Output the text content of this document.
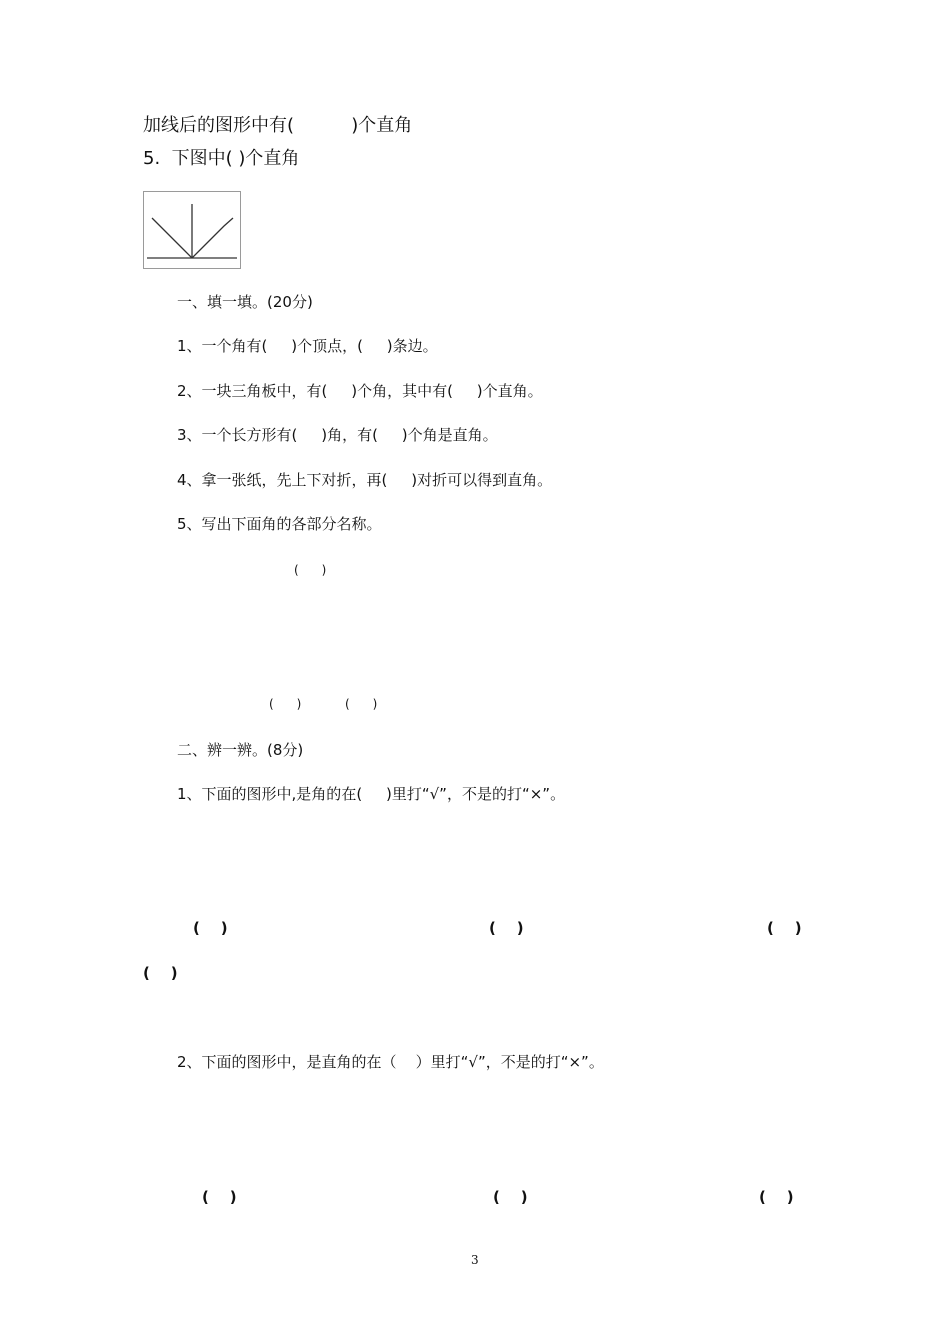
加线后的图形中有(          )个直角
5.  下图中( )个直角
一、填一填。(20分)
1、一个角有(     )个顶点，(     )条边。
2、一块三角板中，有(     )个角，其中有(     )个直角。
3、一个长方形有(     )角，有(     )个角是直角。
4、拿一张纸，先上下对折，再(     )对折可以得到直角。
5、写出下面角的各部分名称。
(      )
(      )	(      )
二、辨一辨。(8分)
1、下面的图形中,是角的在(     )里打“√”，不是的打“×”。
(    )	(    )	(    )
(    )
2、下面的图形中，是直角的在（    ）里打“√”，不是的打“×”。
(    )	(    )	(    )
3
